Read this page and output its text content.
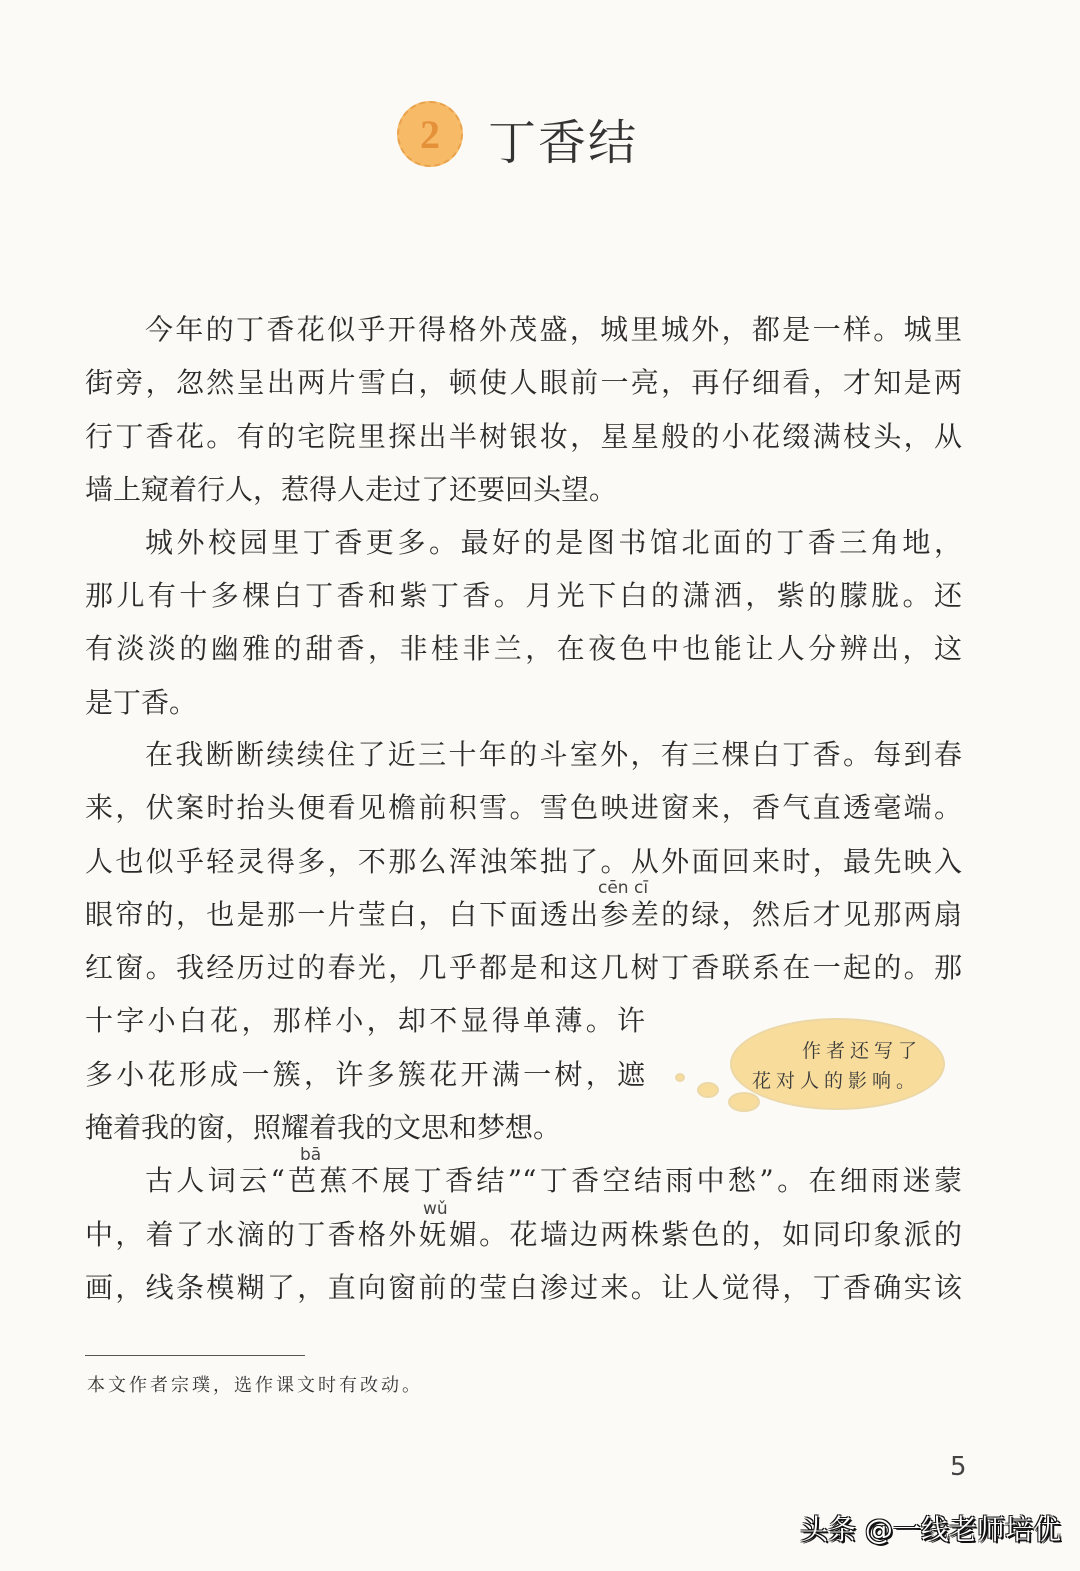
2 丁香结
今年的丁香花似乎开得格外茂盛，城里城外，都是一样。城里
街旁，忽然呈出两片雪白，顿使人眼前一亮，再仔细看，才知是两
行丁香花。有的宅院里探出半树银妆，星星般的小花缀满枝头，从
墙上窥着行人，惹得人走过了还要回头望。
城外校园里丁香更多。最好的是图书馆北面的丁香三角地，
那儿有十多棵白丁香和紫丁香。月光下白的潇洒，紫的朦胧。还
有淡淡的幽雅的甜香，非桂非兰，在夜色中也能让人分辨出，这
是丁香。
在我断断续续住了近三十年的斗室外，有三棵白丁香。每到春
来，伏案时抬头便看见檐前积雪。雪色映进窗来，香气直透毫端。
人也似乎轻灵得多，不那么浑浊笨拙了。从外面回来时，最先映入
cēn cī
眼帘的，也是那一片莹白，白下面透出参差的绿，然后才见那两扇
红窗。我经历过的春光，几乎都是和这几树丁香联系在一起的。那
十字小白花，那样小，却不显得单薄。许
多小花形成一簇，许多簇花开满一树，遮
掩着我的窗，照耀着我的文思和梦想。
bā
古人词云“芭蕉不展丁香结”“丁香空结雨中愁”。在细雨迷蒙
wǔ
中，着了水滴的丁香格外妩媚。花墙边两株紫色的，如同印象派的
画，线条模糊了，直向窗前的莹白渗过来。让人觉得，丁香确实该
作者还写了
花对人的影响。
本文作者宗璞，选作课文时有改动。
5
头条 @一线老师培优
